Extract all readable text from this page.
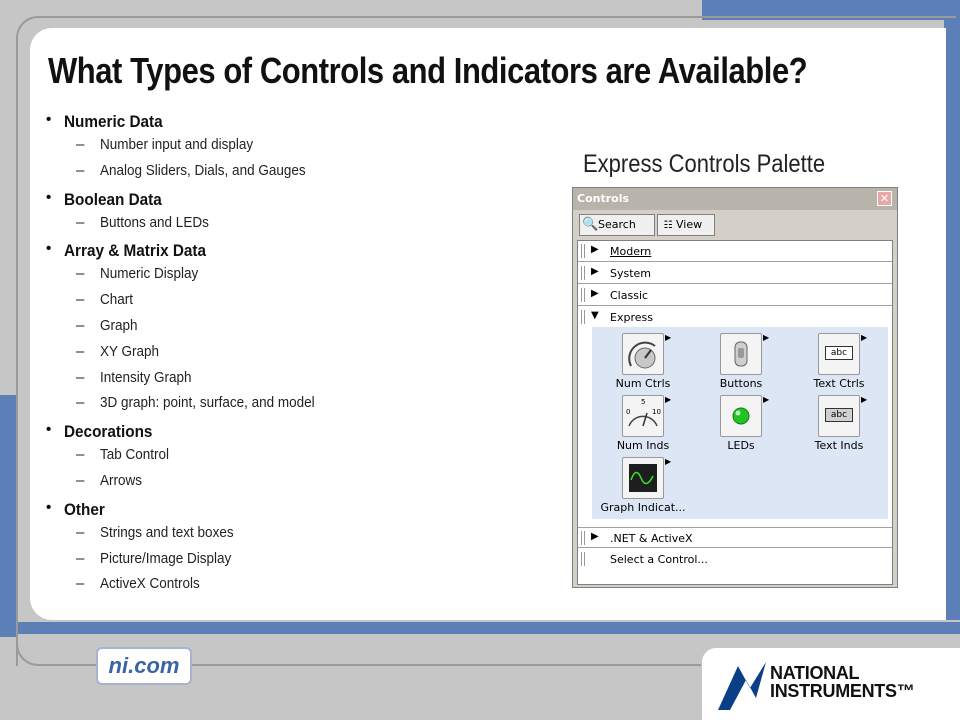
What Types of Controls and Indicators are Available?
• Numeric Data
– Number input and display
– Analog Sliders, Dials, and Gauges
• Boolean Data
– Buttons and LEDs
• Array & Matrix Data
– Numeric Display
– Chart
– Graph
– XY Graph
– Intensity Graph
– 3D graph: point, surface, and model
• Decorations
– Tab Control
– Arrows
• Other
– Strings and text boxes
– Picture/Image Display
– ActiveX Controls
Express Controls Palette
Controls	✕
🔍Search	☷ View
▶ Modern
▶ System
▶ Classic
▼ Express
▶
Num Ctrls
▶
Buttons
abc
▶
Text Ctrls
0
5
10
▶
Num Inds
▶
LEDs
abc
▶
Text Inds
▶
Graph Indicat...
▶ .NET & ActiveX
Select a Control...
ni.com	NATIONAL
INSTRUMENTS™
